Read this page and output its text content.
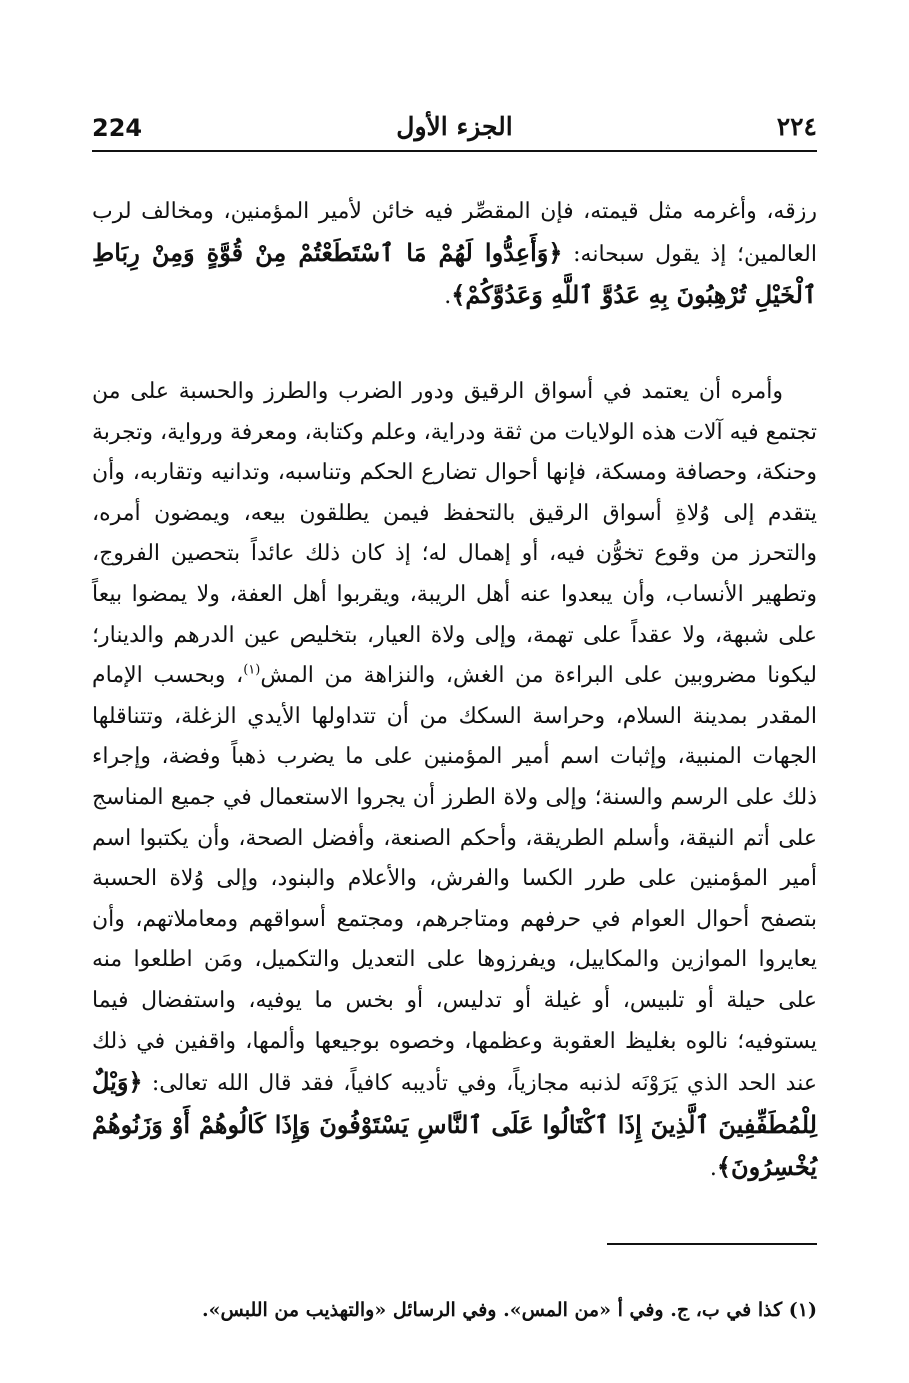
224	الجزء الأول	٢٢٤

رزقه، وأغرمه مثل قيمته، فإن المقصِّر فيه خائن لأمير المؤمنين، ومخالف لرب العالمين؛ إذ يقول سبحانه: ﴿وَأَعِدُّوا لَهُمْ مَا ٱسْتَطَعْتُمْ مِنْ قُوَّةٍ وَمِنْ رِبَاطِ ٱلْخَيْلِ تُرْهِبُونَ بِهِ عَدُوَّ ٱللَّهِ وَعَدُوَّكُمْ﴾.

وأمره أن يعتمد في أسواق الرقيق ودور الضرب والطرز والحسبة على من تجتمع فيه آلات هذه الولايات من ثقة ودراية، وعلم وكتابة، ومعرفة ورواية، وتجربة وحنكة، وحصافة ومسكة، فإنها أحوال تضارع الحكم وتناسبه، وتدانيه وتقاربه، وأن يتقدم إلى وُلاةِ أسواق الرقيق بالتحفظ فيمن يطلقون بيعه، ويمضون أمره، والتحرز من وقوع تخوُّن فيه، أو إهمال له؛ إذ كان ذلك عائداً بتحصين الفروج، وتطهير الأنساب، وأن يبعدوا عنه أهل الريبة، ويقربوا أهل العفة، ولا يمضوا بيعاً على شبهة، ولا عقداً على تهمة، وإلى ولاة العيار، بتخليص عين الدرهم والدينار؛ ليكونا مضروبين على البراءة من الغش، والنزاهة من المش$^{(١)}$، وبحسب الإمام المقدر بمدينة السلام، وحراسة السكك من أن تتداولها الأيدي الزغلة، وتتناقلها الجهات المنبية، وإثبات اسم أمير المؤمنين على ما يضرب ذهباً وفضة، وإجراء ذلك على الرسم والسنة؛ وإلى ولاة الطرز أن يجروا الاستعمال في جميع المناسج على أتم النيقة، وأسلم الطريقة، وأحكم الصنعة، وأفضل الصحة، وأن يكتبوا اسم أمير المؤمنين على طرر الكسا والفرش، والأعلام والبنود، وإلى وُلاة الحسبة بتصفح أحوال العوام في حرفهم ومتاجرهم، ومجتمع أسواقهم ومعاملاتهم، وأن يعايروا الموازين والمكاييل، ويفرزوها على التعديل والتكميل، ومَن اطلعوا منه على حيلة أو تلبيس، أو غيلة أو تدليس، أو بخس ما يوفيه، واستفضال فيما يستوفيه؛ نالوه بغليظ العقوبة وعظمها، وخصوه بوجيعها وألمها، واقفين في ذلك عند الحد الذي يَرَوْنَه لذنبه مجازياً، وفي تأديبه كافياً، فقد قال الله تعالى: ﴿وَيْلٌ لِلْمُطَفِّفِينَ ٱلَّذِينَ إِذَا ٱكْتَالُوا عَلَى ٱلنَّاسِ يَسْتَوْفُونَ وَإِذَا كَالُوهُمْ أَوْ وَزَنُوهُمْ يُخْسِرُونَ﴾.

(١) كذا في ب، ج. وفي أ «من المس». وفي الرسائل «والتهذيب من اللبس».
